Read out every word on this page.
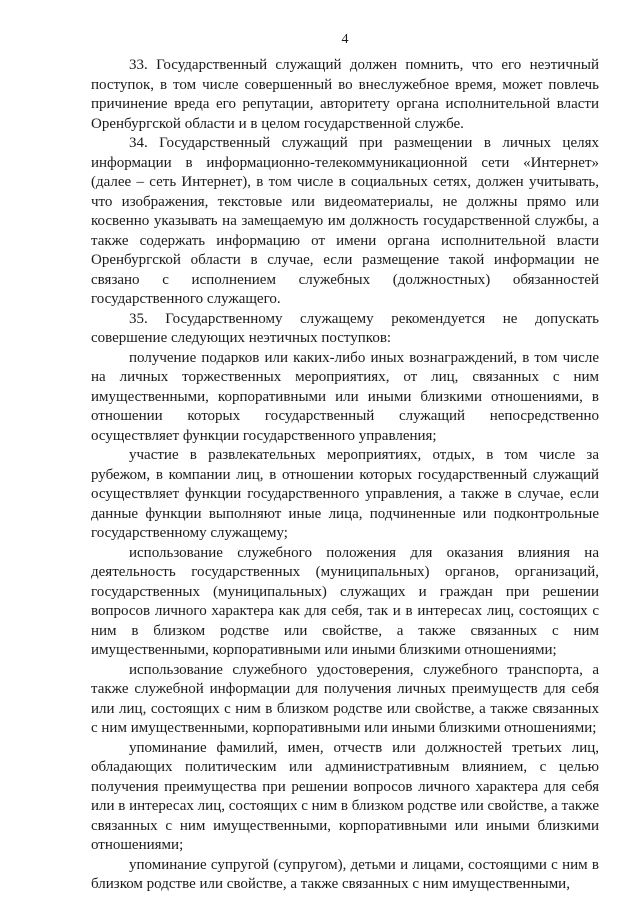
4

33. Государственный служащий должен помнить, что его неэтичный поступок, в том числе совершенный во внеслужебное время, может повлечь причинение вреда его репутации, авторитету органа исполнительной власти Оренбургской области и в целом государственной службе.

34. Государственный служащий при размещении в личных целях информации в информационно-телекоммуникационной сети «Интернет» (далее – сеть Интернет), в том числе в социальных сетях, должен учитывать, что изображения, текстовые или видеоматериалы, не должны прямо или косвенно указывать на замещаемую им должность государственной службы, а также содержать информацию от имени органа исполнительной власти Оренбургской области в случае, если размещение такой информации не связано с исполнением служебных (должностных) обязанностей государственного служащего.

35. Государственному служащему рекомендуется не допускать совершение следующих неэтичных поступков:

получение подарков или каких-либо иных вознаграждений, в том числе на личных торжественных мероприятиях, от лиц, связанных с ним имущественными, корпоративными или иными близкими отношениями, в отношении которых государственный служащий непосредственно осуществляет функции государственного управления;

участие в развлекательных мероприятиях, отдых, в том числе за рубежом, в компании лиц, в отношении которых государственный служащий осуществляет функции государственного управления, а также в случае, если данные функции выполняют иные лица, подчиненные или подконтрольные государственному служащему;

использование служебного положения для оказания влияния на деятельность государственных (муниципальных) органов, организаций, государственных (муниципальных) служащих и граждан при решении вопросов личного характера как для себя, так и в интересах лиц, состоящих с ним в близком родстве или свойстве, а также связанных с ним имущественными, корпоративными или иными близкими отношениями;

использование служебного удостоверения, служебного транспорта, а также служебной информации для получения личных преимуществ для себя или лиц, состоящих с ним в близком родстве или свойстве, а также связанных с ним имущественными, корпоративными или иными близкими отношениями;

упоминание фамилий, имен, отчеств или должностей третьих лиц, обладающих политическим или административным влиянием, с целью получения преимущества при решении вопросов личного характера для себя или в интересах лиц, состоящих с ним в близком родстве или свойстве, а также связанных с ним имущественными, корпоративными или иными близкими отношениями;

упоминание супругой (супругом), детьми и лицами, состоящими с ним в близком родстве или свойстве, а также связанных с ним имущественными,
